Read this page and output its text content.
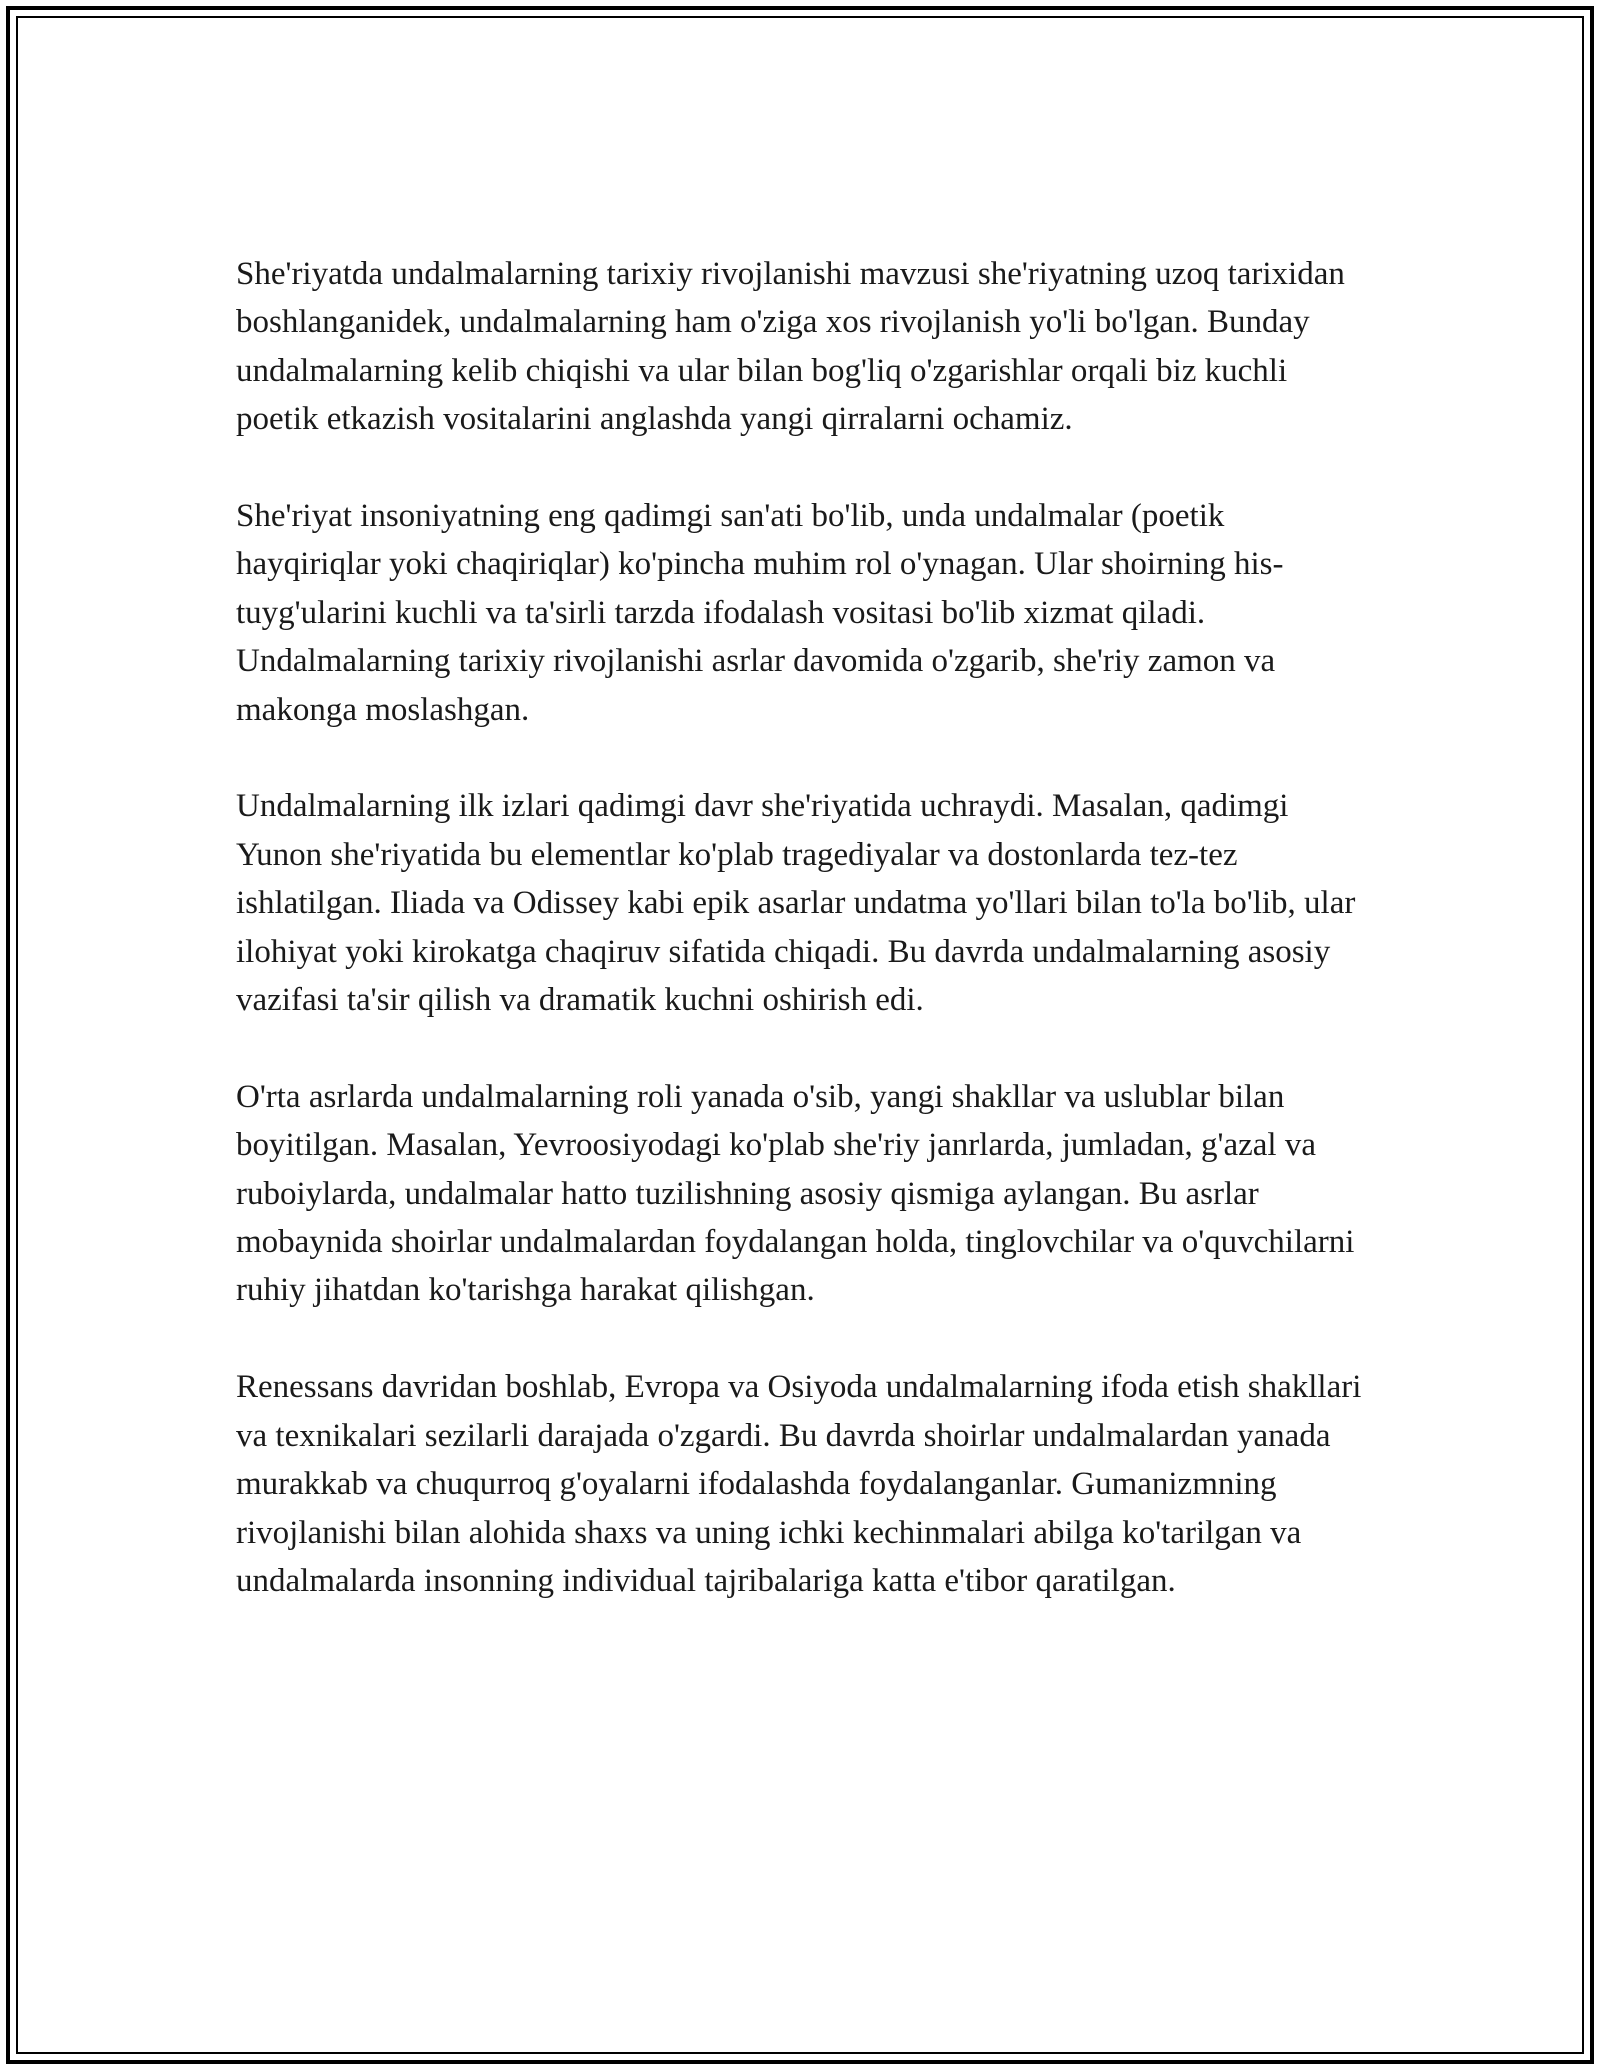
She'riyatda undalmalarning tarixiy rivojlanishi mavzusi she'riyatning uzoq tarixidan boshlanganidek, undalmalarning ham o'ziga xos rivojlanish yo'li bo'lgan. Bunday undalmalarning kelib chiqishi va ular bilan bog'liq o'zgarishlar orqali biz kuchli poetik etkazish vositalarini anglashda yangi qirralarni ochamiz.

She'riyat insoniyatning eng qadimgi san'ati bo'lib, unda undalmalar (poetik hayqiriqlar yoki chaqiriqlar) ko'pincha muhim rol o'ynagan. Ular shoirning his-tuyg'ularini kuchli va ta'sirli tarzda ifodalash vositasi bo'lib xizmat qiladi. Undalmalarning tarixiy rivojlanishi asrlar davomida o'zgarib, she'riy zamon va makonga moslashgan.

Undalmalarning ilk izlari qadimgi davr she'riyatida uchraydi. Masalan, qadimgi Yunon she'riyatida bu elementlar ko'plab tragediyalar va dostonlarda tez-tez ishlatilgan. Iliada va Odissey kabi epik asarlar undatma yo'llari bilan to'la bo'lib, ular ilohiyat yoki kirokatga chaqiruv sifatida chiqadi. Bu davrda undalmalarning asosiy vazifasi ta'sir qilish va dramatik kuchni oshirish edi.

O'rta asrlarda undalmalarning roli yanada o'sib, yangi shakllar va uslublar bilan boyitilgan. Masalan, Yevroosiyodagi ko'plab she'riy janrlarda, jumladan, g'azal va ruboiylarda, undalmalar hatto tuzilishning asosiy qismiga aylangan. Bu asrlar mobaynida shoirlar undalmalardan foydalangan holda, tinglovchilar va o'quvchilarni ruhiy jihatdan ko'tarishga harakat qilishgan.

Renessans davridan boshlab, Evropa va Osiyoda undalmalarning ifoda etish shakllari va texnikalari sezilarli darajada o'zgardi. Bu davrda shoirlar undalmalardan yanada murakkab va chuqurroq g'oyalarni ifodalashda foydalanganlar. Gumanizmning rivojlanishi bilan alohida shaxs va uning ichki kechinmalari abilga ko'tarilgan va undalmalarda insonning individual tajribalariga katta e'tibor qaratilgan.
